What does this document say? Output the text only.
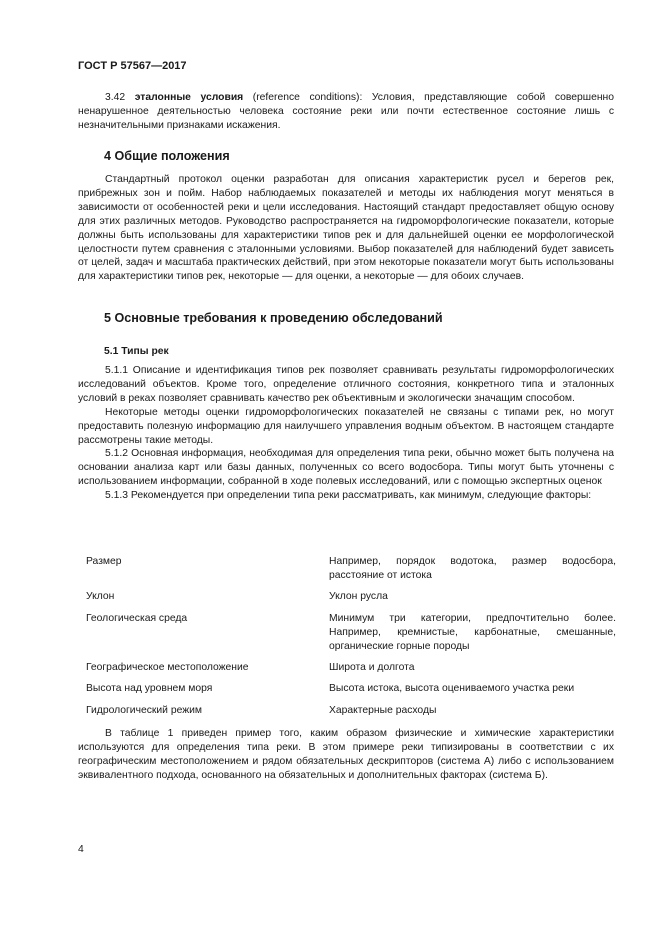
ГОСТ Р 57567—2017

3.42 эталонные условия (reference conditions): Условия, представляющие собой совершенно ненарушенное деятельностью человека состояние реки или почти естественное состояние лишь с незначительными признаками искажения.

4 Общие положения

Стандартный протокол оценки разработан для описания характеристик русел и берегов рек, прибрежных зон и пойм. Набор наблюдаемых показателей и методы их наблюдения могут меняться в зависимости от особенностей реки и цели исследования. Настоящий стандарт предоставляет общую основу для этих различных методов. Руководство распространяется на гидроморфологические показатели, которые должны быть использованы для характеристики типов рек и для дальнейшей оценки ее морфологической целостности путем сравнения с эталонными условиями. Выбор показателей для наблюдений будет зависеть от целей, задач и масштаба практических действий, при этом некоторые показатели могут быть использованы для характеристики типов рек, некоторые — для оценки, а некоторые — для обоих случаев.

5 Основные требования к проведению обследований
5.1 Типы рек

5.1.1 Описание и идентификация типов рек позволяет сравнивать результаты гидроморфологических исследований объектов. Кроме того, определение отличного состояния, конкретного типа и эталонных условий в реках позволяет сравнивать качество рек объективным и экологически значащим способом.

Некоторые методы оценки гидроморфологических показателей не связаны с типами рек, но могут предоставить полезную информацию для наилучшего управления водным объектом. В настоящем стандарте рассмотрены такие методы.

5.1.2 Основная информация, необходимая для определения типа реки, обычно может быть получена на основании анализа карт или базы данных, полученных со всего водосбора. Типы могут быть уточнены с использованием информации, собранной в ходе полевых исследований, или с помощью экспертных оценок

5.1.3 Рекомендуется при определении типа реки рассматривать, как минимум, следующие факторы:

Размер	Например, порядок водотока, размер водосбора, расстояние от истока
Уклон	Уклон русла
Геологическая среда	Минимум три категории, предпочтительно более. Например, кремнистые, карбонатные, смешанные, органические горные породы
Географическое местоположение	Широта и долгота
Высота над уровнем моря	Высота истока, высота оцениваемого участка реки
Гидрологический режим	Характерные расходы

В таблице 1 приведен пример того, каким образом физические и химические характеристики используются для определения типа реки. В этом примере реки типизированы в соответствии с их географическим местоположением и рядом обязательных дескрипторов (система А) либо с использованием эквивалентного подхода, основанного на обязательных и дополнительных факторах (система Б).

4
